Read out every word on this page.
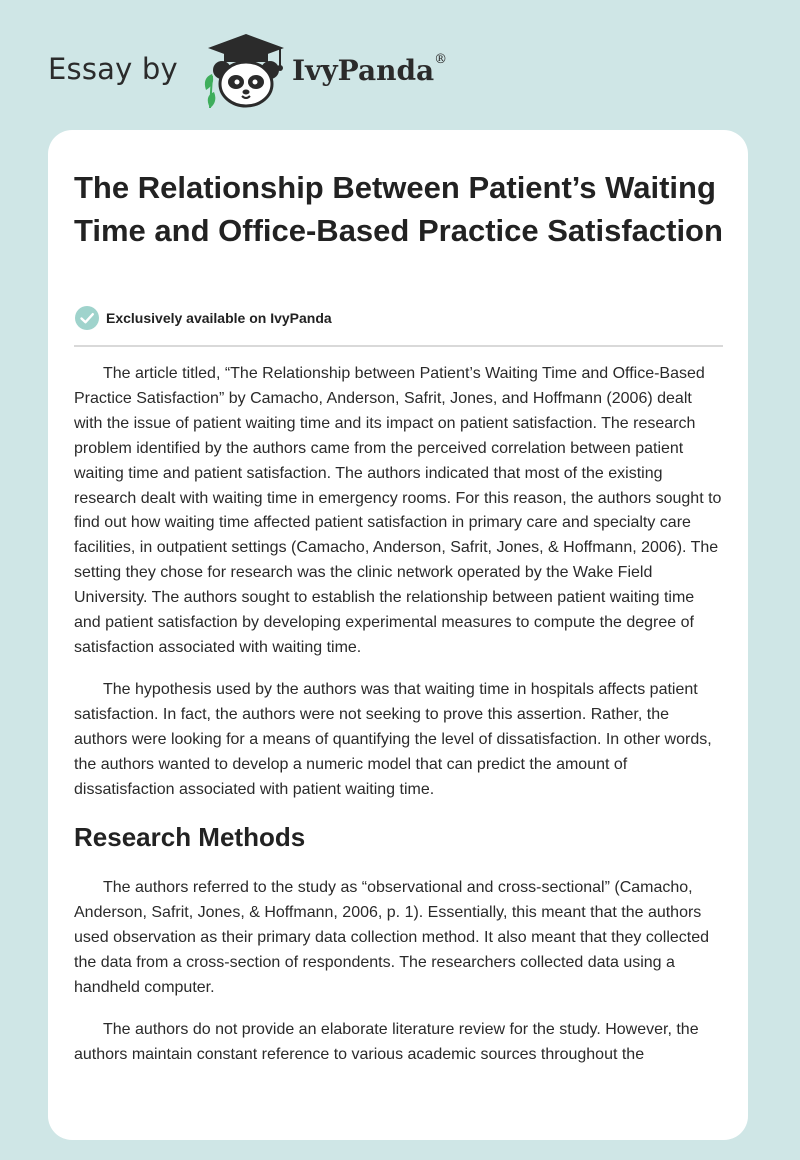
Essay by	IvyPanda®
The Relationship Between Patient’s Waiting Time and Office-Based Practice Satisfaction
Exclusively available on IvyPanda

The article titled, “The Relationship between Patient’s Waiting Time and Office-Based Practice Satisfaction” by Camacho, Anderson, Safrit, Jones, and Hoffmann (2006) dealt with the issue of patient waiting time and its impact on patient satisfaction. The research problem identified by the authors came from the perceived correlation between patient waiting time and patient satisfaction. The authors indicated that most of the existing research dealt with waiting time in emergency rooms. For this reason, the authors sought to find out how waiting time affected patient satisfaction in primary care and specialty care facilities, in outpatient settings (Camacho, Anderson, Safrit, Jones, & Hoffmann, 2006). The setting they chose for research was the clinic network operated by the Wake Field University. The authors sought to establish the relationship between patient waiting time and patient satisfaction by developing experimental measures to compute the degree of satisfaction associated with waiting time.

The hypothesis used by the authors was that waiting time in hospitals affects patient satisfaction. In fact, the authors were not seeking to prove this assertion. Rather, the authors were looking for a means of quantifying the level of dissatisfaction. In other words, the authors wanted to develop a numeric model that can predict the amount of dissatisfaction associated with patient waiting time.

Research Methods

The authors referred to the study as “observational and cross-sectional” (Camacho, Anderson, Safrit, Jones, & Hoffmann, 2006, p. 1). Essentially, this meant that the authors used observation as their primary data collection method. It also meant that they collected the data from a cross-section of respondents. The researchers collected data using a handheld computer.

The authors do not provide an elaborate literature review for the study. However, the authors maintain constant reference to various academic sources throughout the
